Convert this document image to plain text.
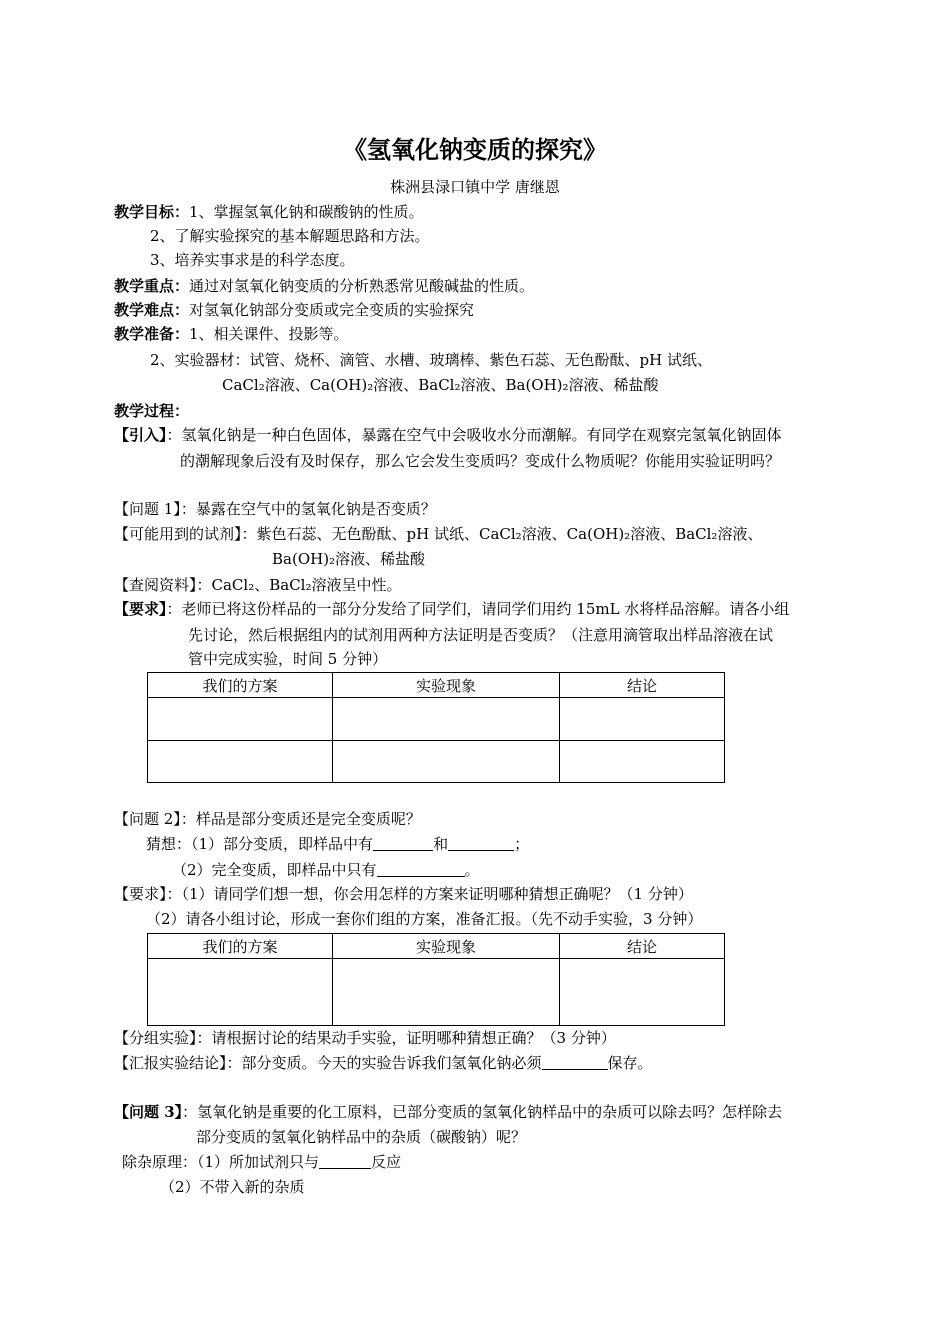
《氢氧化钠变质的探究》
株洲县渌口镇中学 唐继恩
教学目标：1、掌握氢氧化钠和碳酸钠的性质。
2、了解实验探究的基本解题思路和方法。
3、培养实事求是的科学态度。
教学重点：通过对氢氧化钠变质的分析熟悉常见酸碱盐的性质。
教学难点：对氢氧化钠部分变质或完全变质的实验探究
教学准备：1、相关课件、投影等。
2、实验器材：试管、烧杯、滴管、水槽、玻璃棒、紫色石蕊、无色酚酞、pH 试纸、
CaCl₂溶液、Ca(OH)₂溶液、BaCl₂溶液、Ba(OH)₂溶液、稀盐酸
教学过程：
【引入】：氢氧化钠是一种白色固体，暴露在空气中会吸收水分而潮解。有同学在观察完氢氧化钠固体
的潮解现象后没有及时保存，那么它会发生变质吗？变成什么物质呢？你能用实验证明吗？
【问题 1】：暴露在空气中的氢氧化钠是否变质？
【可能用到的试剂】：紫色石蕊、无色酚酞、pH 试纸、CaCl₂溶液、Ca(OH)₂溶液、BaCl₂溶液、
Ba(OH)₂溶液、稀盐酸
【查阅资料】：CaCl₂、BaCl₂溶液呈中性。
【要求】：老师已将这份样品的一部分分发给了同学们，请同学们用约 15mL 水将样品溶解。请各小组
先讨论，然后根据组内的试剂用两种方法证明是否变质？（注意用滴管取出样品溶液在试
管中完成实验，时间 5 分钟）
我们的方案	实验现象	结论

【问题 2】：样品是部分变质还是完全变质呢？
猜想：（1）部分变质，即样品中有	和	；
（2）完全变质，即样品中只有	。
【要求】：（1）请同学们想一想，你会用怎样的方案来证明哪种猜想正确呢？（1 分钟）
（2）请各小组讨论，形成一套你们组的方案，准备汇报。（先不动手实验，3 分钟）
我们的方案	实验现象	结论

【分组实验】：请根据讨论的结果动手实验，证明哪种猜想正确？（3 分钟）
【汇报实验结论】：部分变质。今天的实验告诉我们氢氧化钠必须	保存。
【问题 3】：氢氧化钠是重要的化工原料，已部分变质的氢氧化钠样品中的杂质可以除去吗？怎样除去
部分变质的氢氧化钠样品中的杂质（碳酸钠）呢？
除杂原理：（1）所加试剂只与	反应
（2）不带入新的杂质
